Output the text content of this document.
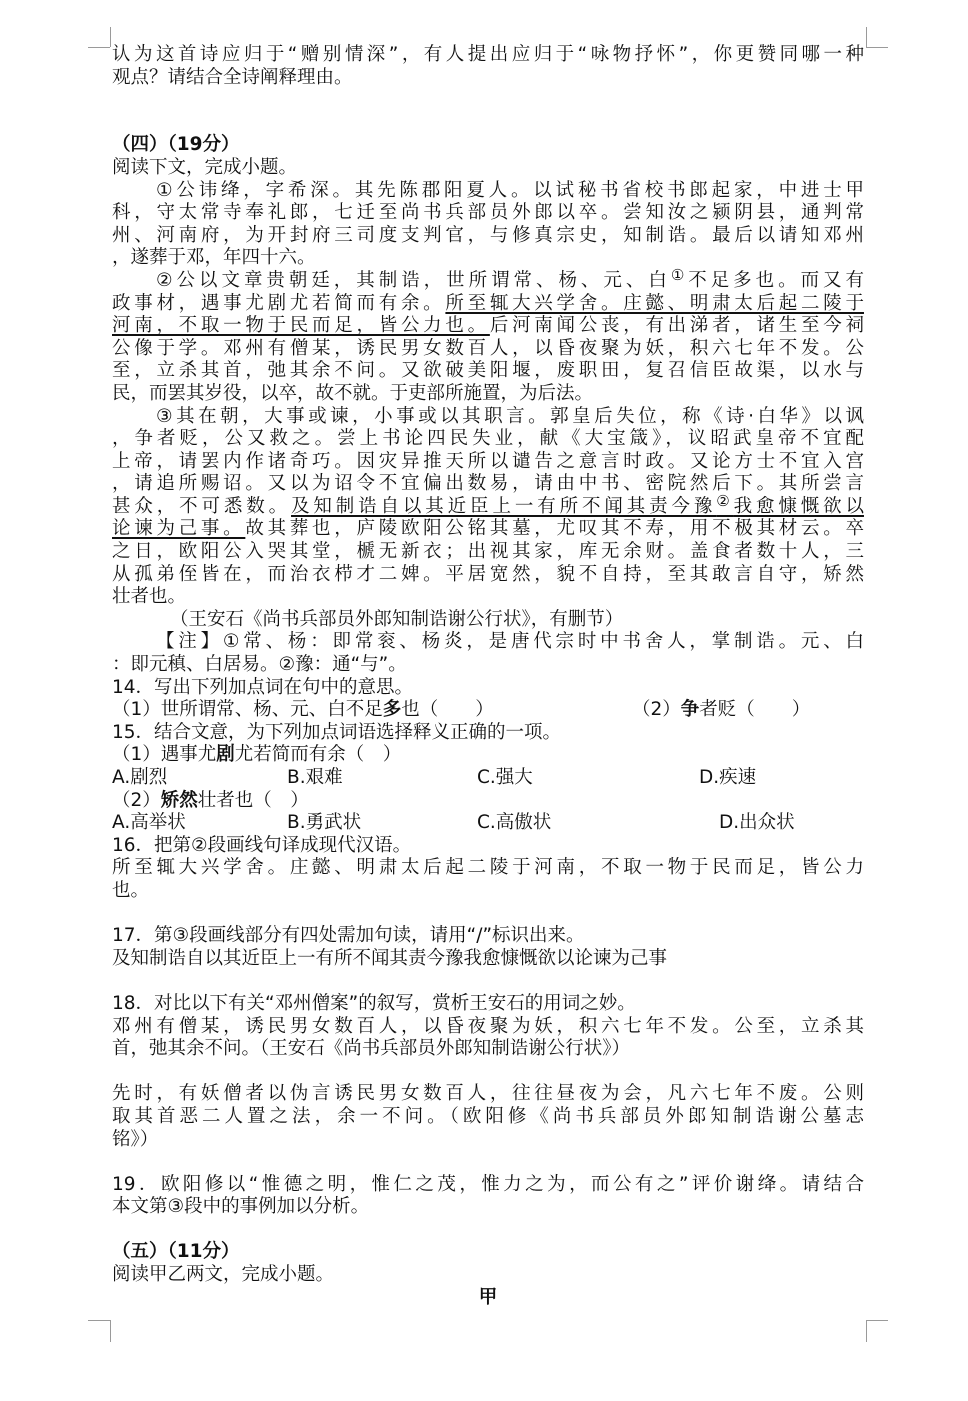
认为这首诗应归于“赠别情深”，有人提出应归于“咏物抒怀”，你更赞同哪一种

观点？请结合全诗阐释理由。

（四）（19分）

阅读下文，完成小题。

①公讳绛，字希深。其先陈郡阳夏人。以试秘书省校书郎起家，中进士甲

科，守太常寺奉礼郎，七迁至尚书兵部员外郎以卒。尝知汝之颍阴县，通判常

州、河南府，为开封府三司度支判官，与修真宗史，知制诰。最后以请知邓州

，遂葬于邓，年四十六。

②公以文章贵朝廷，其制诰，世所谓常、杨、元、白①不足多也。而又有

政事材，遇事尤剧尤若简而有余。所至辄大兴学舍。庄懿、明肃太后起二陵于

河南，不取一物于民而足，皆公力也。后河南闻公丧，有出涕者，诸生至今祠

公像于学。邓州有僧某，诱民男女数百人，以昏夜聚为妖，积六七年不发。公

至，立杀其首，弛其余不问。又欲破美阳堰，废职田，复召信臣故渠，以水与

民，而罢其岁役，以卒，故不就。于吏部所施置，为后法。

③其在朝，大事或谏，小事或以其职言。郭皇后失位，称《诗·白华》以讽

，争者贬，公又救之。尝上书论四民失业，献《大宝箴》，议昭武皇帝不宜配

上帝，请罢内作诸奇巧。因灾异推天所以谴告之意言时政。又论方士不宜入宫

，请追所赐诏。又以为诏令不宜偏出数易，请由中书、密院然后下。其所尝言

甚众，不可悉数。及知制诰自以其近臣上一有所不闻其责今豫②我愈慷慨欲以

论谏为己事。故其葬也，庐陵欧阳公铭其墓，尤叹其不寿，用不极其材云。卒

之日，欧阳公入哭其堂，榹无新衣；出视其家，库无余财。盖食者数十人，三

从孤弟侄皆在，而治衣栉才二婢。平居宽然，貌不自持，至其敢言自守，矫然

壮者也。

（王安石《尚书兵部员外郎知制诰谢公行状》，有删节）

【注】①常、杨：即常衮、杨炎，是唐代宗时中书舍人，掌制诰。元、白

：即元稹、白居易。②豫：通“与”。

14．写出下列加点词在句中的意思。

（1）世所谓常、杨、元、白不足多也（　　）	（2）争者贬（　　）

15．结合文意，为下列加点词语选择释义正确的一项。

（1）遇事尤剧尤若简而有余（　）

A.剧烈	B.艰难	C.强大	D.疾速

（2）矫然壮者也（　）

A.高举状	B.勇武状	C.高傲状	D.出众状

16．把第②段画线句译成现代汉语。

所至辄大兴学舍。庄懿、明肃太后起二陵于河南，不取一物于民而足，皆公力

也。

17．第③段画线部分有四处需加句读，请用“/”标识出来。

及知制诰自以其近臣上一有所不闻其责今豫我愈慷慨欲以论谏为己事

18．对比以下有关“邓州僧案”的叙写，赏析王安石的用词之妙。

邓州有僧某，诱民男女数百人，以昏夜聚为妖，积六七年不发。公至，立杀其

首，弛其余不问。（王安石《尚书兵部员外郎知制诰谢公行状》）

先时，有妖僧者以伪言诱民男女数百人，往往昼夜为会，凡六七年不废。公则

取其首恶二人置之法，余一不问。（欧阳修《尚书兵部员外郎知制诰谢公墓志

铭》）

19．欧阳修以“惟德之明，惟仁之茂，惟力之为，而公有之”评价谢绛。请结合

本文第③段中的事例加以分析。

（五）（11分）

阅读甲乙两文，完成小题。

甲
